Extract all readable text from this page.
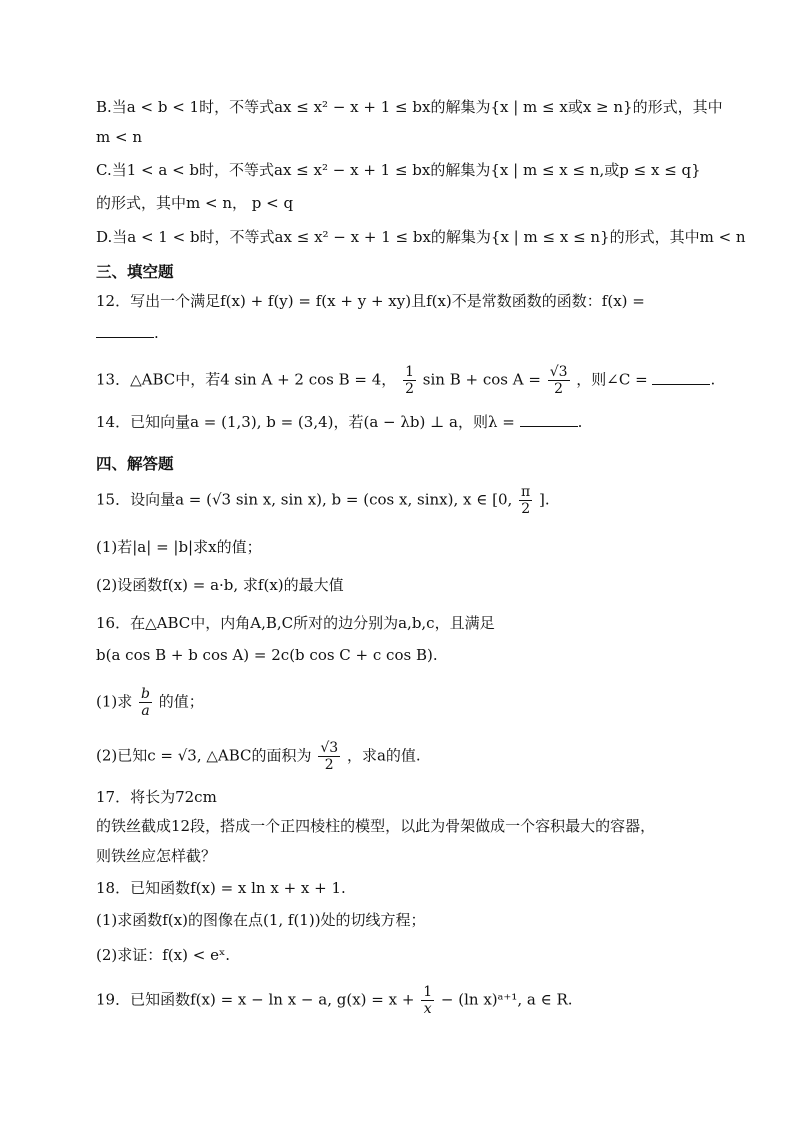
B.当a < b < 1时，不等式ax ≤ x² − x + 1 ≤ bx的解集为{x | m ≤ x或x ≥ n}的形式，其中
m < n
C.当1 < a < b时，不等式ax ≤ x² − x + 1 ≤ bx的解集为{x | m ≤ x ≤ n,或p ≤ x ≤ q}
的形式，其中m < n， p < q
D.当a < 1 < b时，不等式ax ≤ x² − x + 1 ≤ bx的解集为{x | m ≤ x ≤ n}的形式，其中m < n
三、填空题
12．写出一个满足f(x) + f(y) = f(x + y + xy)且f(x)不是常数函数的函数：f(x) =
.
13．△ABC中，若4 sin A + 2 cos B = 4， $\frac{1}{2}$ $\sin B + \cos A = \frac{√3}{2}$ ，则∠C =	.
14．已知向量a = (1,3), b = (3,4)，若(a − λb) ⊥ a，则λ =	.
四、解答题
15．设向量a = (√3 sin x, sin x), b = (cos x, sinx), x ∈ [0, $\frac{\pi}{2}$ ].
(1)若|a| = |b|求x的值；
(2)设函数f(x) = a·b, 求f(x)的最大值
16．在△ABC中，内角A,B,C所对的边分别为a,b,c，且满足
b(a cos B + b cos A) = 2c(b cos C + c cos B).
(1)求 $\frac{b}{a}$ 的值；
(2)已知c = √3, △ABC的面积为 $\frac{√3}{2}$ ，求a的值.
17．将长为72cm
的铁丝截成12段，搭成一个正四棱柱的模型，以此为骨架做成一个容积最大的容器，
则铁丝应怎样截？
18．已知函数f(x) = x ln x + x + 1.
(1)求函数f(x)的图像在点(1, f(1))处的切线方程；
(2)求证：f(x) < eˣ.
19．已知函数f(x) = x − ln x − a, $g(x) = x + \frac{1}{x} - (\ln$ x)ᵃ⁺¹, a ∈ R.
